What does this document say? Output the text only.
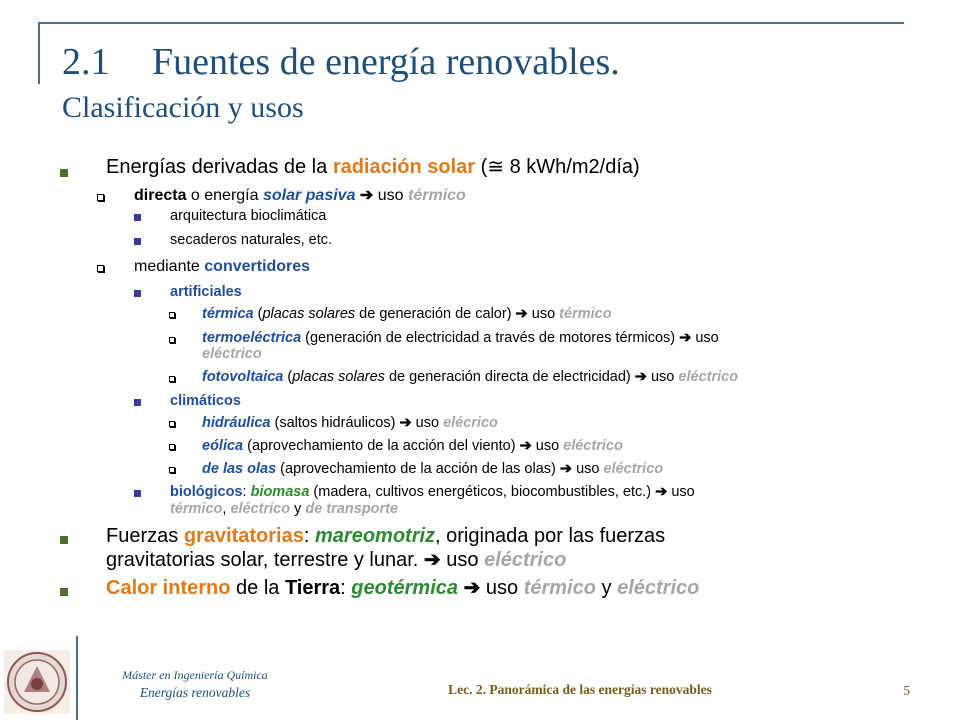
2.1 Fuentes de energía renovables.
Clasificación y usos
Energías derivadas de la radiación solar (≅ 8 kWh/m2/día)
directa o energía solar pasiva ➔ uso térmico
arquitectura bioclimática
secaderos naturales, etc.
mediante convertidores
artificiales
térmica (placas solares de generación de calor) ➔ uso térmico
termoeléctrica (generación de electricidad a través de motores térmicos) ➔ uso
eléctrico
fotovoltaica (placas solares de generación directa de electricidad) ➔ uso eléctrico
climáticos
hidráulica (saltos hidráulicos) ➔ uso elécrico
eólica (aprovechamiento de la acción del viento) ➔ uso eléctrico
de las olas (aprovechamiento de la acción de las olas) ➔ uso eléctrico
biológicos: biomasa (madera, cultivos energéticos, biocombustibles, etc.) ➔ uso
térmico, eléctrico y de transporte
Fuerzas gravitatorias: mareomotriz, originada por las fuerzas
gravitatorias solar, terrestre y lunar. ➔ uso eléctrico
Calor interno de la Tierra: geotérmica ➔ uso térmico y eléctrico
Máster en Ingeniería Química
Energías renovables	Lec. 2. Panorámica de las energías renovables	5
